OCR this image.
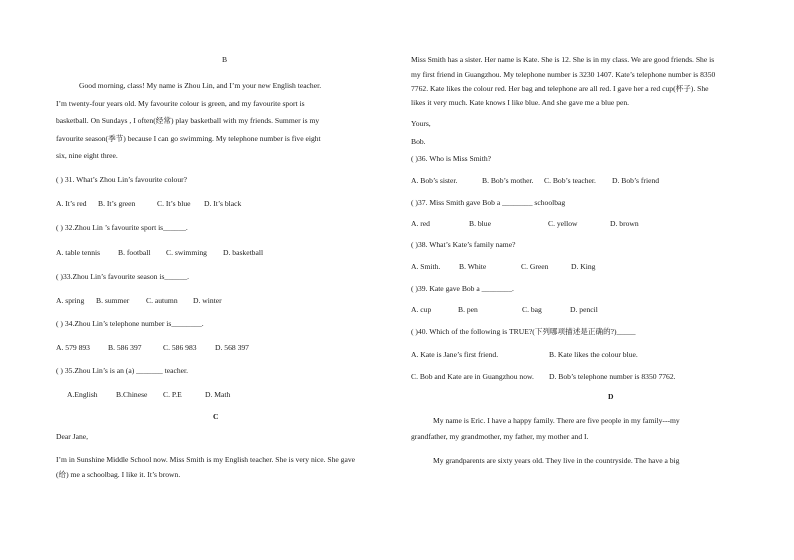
B
Good morning, class! My name is Zhou Lin, and I’m your new English teacher.
I’m twenty-four years old. My favourite colour is green, and my favourite sport is
basketball. On Sundays , I often(经常) play basketball with my friends. Summer is my
favourite season(季节) because I can go swimming. My telephone number is five eight
six, nine eight three.
( ) 31. What’s Zhou Lin’s favourite colour?
A. It’s red B. It’s green	C. It’s blue D. It’s black
( ) 32.Zhou Lin ’s favourite sport is______.
A. table tennis B. football C. swimming D. basketball
( )33.Zhou Lin’s favourite season is______.
A. spring B. summer C. autumn D. winter
( ) 34.Zhou Lin’s telephone number is________.
A. 579 893 B. 586 397	C. 586 983 D. 568 397
( ) 35.Zhou Lin’s is an (a) _______ teacher.
A.English B.Chinese C. P.E	D. Math
C
Dear Jane,
I’m in Sunshine Middle School now. Miss Smith is my English teacher. She is very nice. She gave
(给) me a schoolbag. I like it. It’s brown.
Miss Smith has a sister. Her name is Kate. She is 12. She is in my class. We are good friends. She is
my first friend in Guangzhou. My telephone number is 3230 1407. Kate’s telephone number is 8350
7762. Kate likes the colour red. Her bag and telephone are all red. I gave her a red cup(杯子). She
likes it very much. Kate knows I like blue. And she gave me a blue pen.
Yours,
Bob.
( )36. Who is Miss Smith?
A. Bob’s sister.	B. Bob’s mother. C. Bob’s teacher. D. Bob’s friend
( )37. Miss Smith gave Bob a ________ schoolbag
A. red	B. blue	C. yellow	D. brown
( )38. What’s Kate’s family name?
A. Smith. B. White	C. Green	D. King
( )39. Kate gave Bob a ________.
A. cup	B. pen	C. bag	D. pencil
( )40. Which of the following is TRUE?(下列哪项描述是正确的?)_____
A. Kate is Jane’s first friend.	B. Kate likes the colour blue.
C. Bob and Kate are in Guangzhou now. D. Bob’s telephone number is 8350 7762.
D
My name is Eric. I have a happy family. There are five people in my family---my
grandfather, my grandmother, my father, my mother and I.
My grandparents are sixty years old. They live in the countryside. The have a big
